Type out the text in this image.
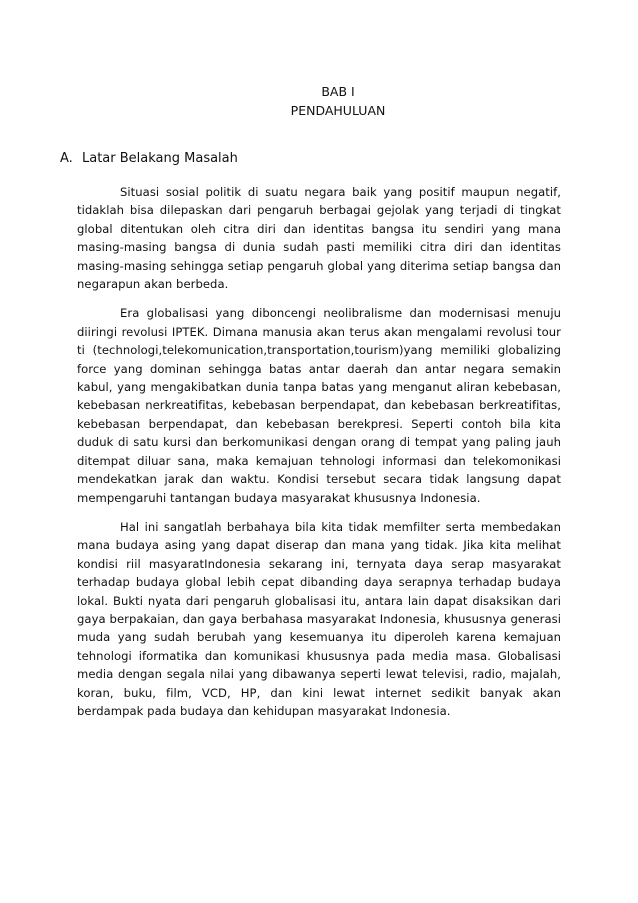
BAB I
PENDAHULUAN
A. Latar Belakang Masalah

Situasi sosial politik di suatu negara baik yang positif maupun negatif, tidaklah bisa dilepaskan dari pengaruh berbagai gejolak yang terjadi di tingkat global ditentukan oleh citra diri dan identitas bangsa itu sendiri yang mana masing-masing bangsa di dunia sudah pasti memiliki citra diri dan identitas masing-masing sehingga setiap pengaruh global yang diterima setiap bangsa dan negarapun akan berbeda.

Era globalisasi yang diboncengi neolibralisme dan modernisasi menuju diiringi revolusi IPTEK. Dimana manusia akan terus akan mengalami revolusi tour ti (technologi,telekomunication,transportation,tourism)yang memiliki globalizing force yang dominan sehingga batas antar daerah dan antar negara semakin kabul, yang mengakibatkan dunia tanpa batas yang menganut aliran kebebasan, kebebasan nerkreatifitas, kebebasan berpendapat, dan kebebasan berkreatifitas, kebebasan berpendapat, dan kebebasan berekpresi. Seperti contoh bila kita duduk di satu kursi dan berkomunikasi dengan orang di tempat yang paling jauh ditempat diluar sana, maka kemajuan tehnologi informasi dan telekomonikasi mendekatkan jarak dan waktu. Kondisi tersebut secara tidak langsung dapat mempengaruhi tantangan budaya masyarakat khususnya Indonesia.

Hal ini sangatlah berbahaya bila kita tidak memfilter serta membedakan mana budaya asing yang dapat diserap dan mana yang tidak. Jika kita melihat kondisi riil masyaratIndonesia sekarang ini, ternyata daya serap masyarakat terhadap budaya global lebih cepat dibanding daya serapnya terhadap budaya lokal. Bukti nyata dari pengaruh globalisasi itu, antara lain dapat disaksikan dari gaya berpakaian, dan gaya berbahasa masyarakat Indonesia, khususnya generasi muda yang sudah berubah yang kesemuanya itu diperoleh karena kemajuan tehnologi iformatika dan komunikasi khususnya pada media masa. Globalisasi media dengan segala nilai yang dibawanya seperti lewat televisi, radio, majalah, koran, buku, film, VCD, HP, dan kini lewat internet sedikit banyak akan berdampak pada budaya dan kehidupan masyarakat Indonesia.
